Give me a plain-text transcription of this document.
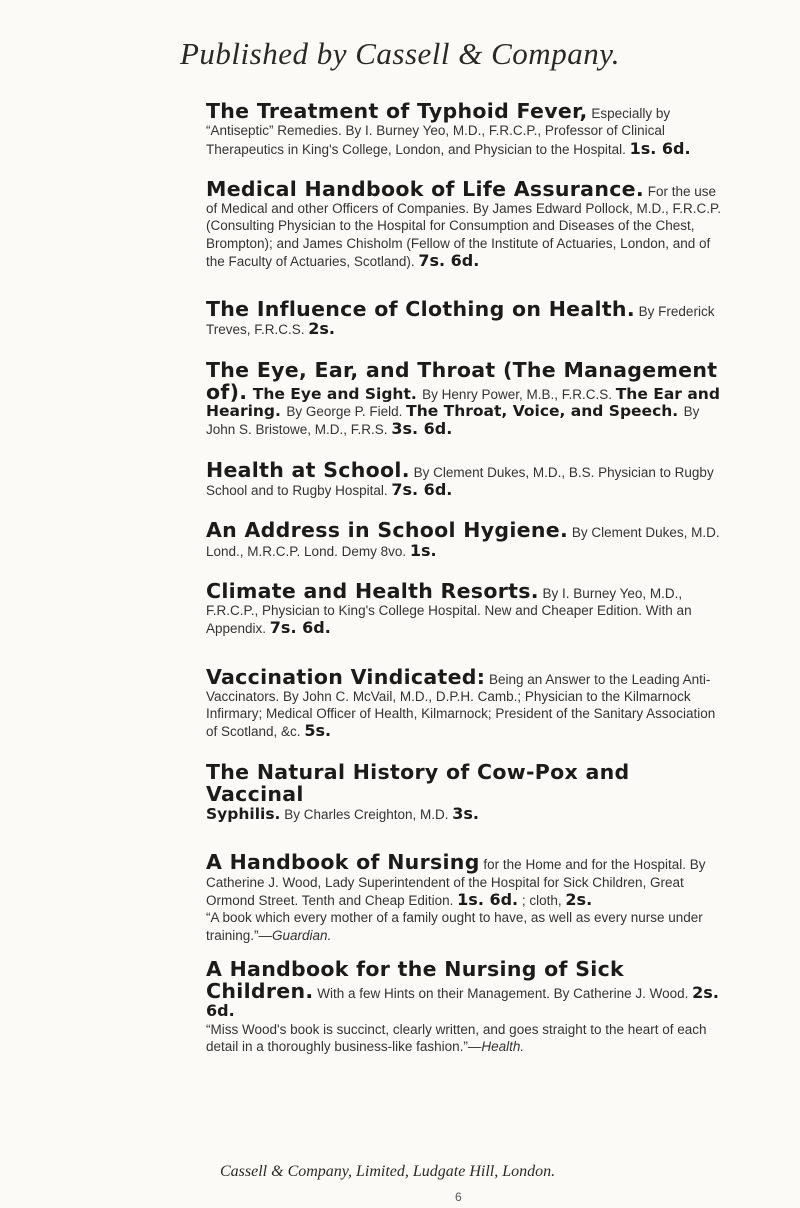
Published by Cassell & Company.
The Treatment of Typhoid Fever, Especially by “Antiseptic” Remedies. By I. Burney Yeo, M.D., F.R.C.P., Professor of Clinical Therapeutics in King's College, London, and Physician to the Hospital. 1s. 6d.
Medical Handbook of Life Assurance. For the use of Medical and other Officers of Companies. By James Edward Pollock, M.D., F.R.C.P. (Consulting Physician to the Hospital for Consumption and Diseases of the Chest, Brompton); and James Chisholm (Fellow of the Institute of Actuaries, London, and of the Faculty of Actuaries, Scotland). 7s. 6d.
The Influence of Clothing on Health. By Frederick Treves, F.R.C.S. 2s.
The Eye, Ear, and Throat (The Management of). The Eye and Sight. By Henry Power, M.B., F.R.C.S. The Ear and Hearing. By George P. Field. The Throat, Voice, and Speech. By John S. Bristowe, M.D., F.R.S. 3s. 6d.
Health at School. By Clement Dukes, M.D., B.S. Physician to Rugby School and to Rugby Hospital. 7s. 6d.
An Address in School Hygiene. By Clement Dukes, M.D. Lond., M.R.C.P. Lond. Demy 8vo. 1s.
Climate and Health Resorts. By I. Burney Yeo, M.D., F.R.C.P., Physician to King's College Hospital. New and Cheaper Edition. With an Appendix. 7s. 6d.
Vaccination Vindicated: Being an Answer to the Leading Anti-Vaccinators. By John C. McVail, M.D., D.P.H. Camb.; Physician to the Kilmarnock Infirmary; Medical Officer of Health, Kilmarnock; President of the Sanitary Association of Scotland, &c. 5s.
The Natural History of Cow-Pox and Vaccinal
Syphilis. By Charles Creighton, M.D. 3s.
A Handbook of Nursing for the Home and for the Hospital. By Catherine J. Wood, Lady Superintendent of the Hospital for Sick Children, Great Ormond Street. Tenth and Cheap Edition. 1s. 6d. ; cloth, 2s.
“A book which every mother of a family ought to have, as well as every nurse under training.”—Guardian.
A Handbook for the Nursing of Sick Children. With a few Hints on their Management. By Catherine J. Wood. 2s. 6d.
“Miss Wood's book is succinct, clearly written, and goes straight to the heart of each detail in a thoroughly business-like fashion.”—Health.
Cassell & Company, Limited, Ludgate Hill, London.
6
